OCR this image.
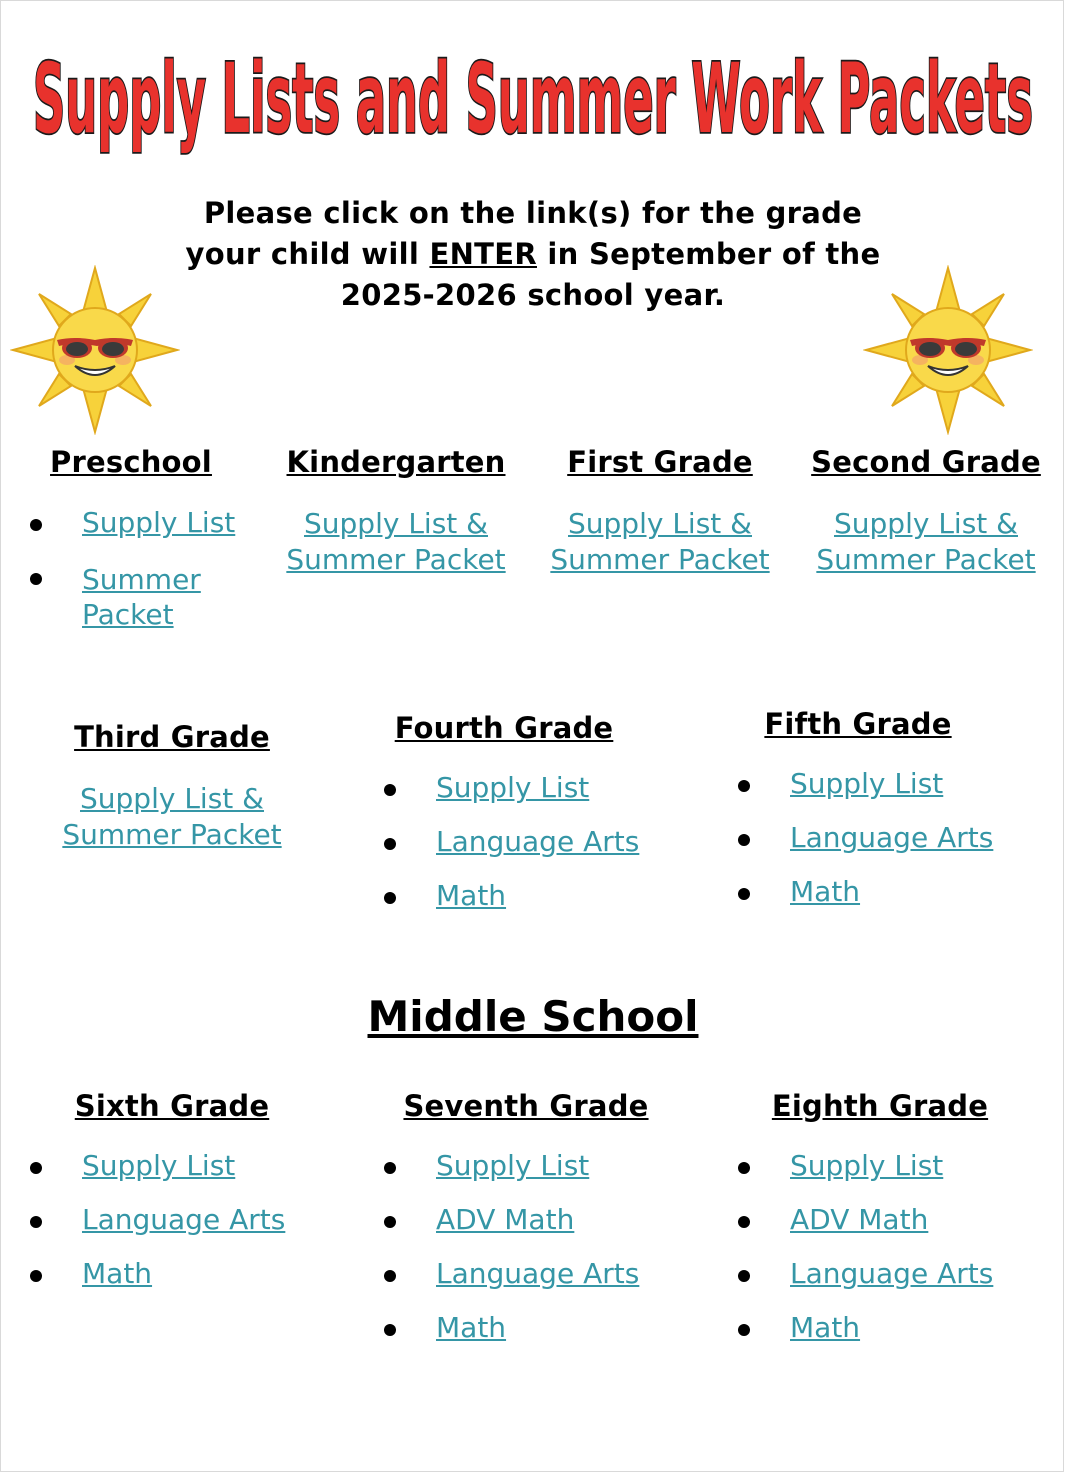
Supply Lists and Summer Work Packets
Please click on the link(s) for the grade
your child will ENTER in September of the
2025-2026 school year.
Preschool
Supply List
Summer Packet
Kindergarten
Supply List &
Summer Packet
First Grade
Supply List &
Summer Packet
Second Grade
Supply List &
Summer Packet
Third Grade
Supply List &
Summer Packet
Fourth Grade
Supply List
Language Arts
Math
Fifth Grade
Supply List
Language Arts
Math
Middle School
Sixth Grade
Supply List
Language Arts
Math
Seventh Grade
Supply List
ADV Math
Language Arts
Math
Eighth Grade
Supply List
ADV Math
Language Arts
Math
